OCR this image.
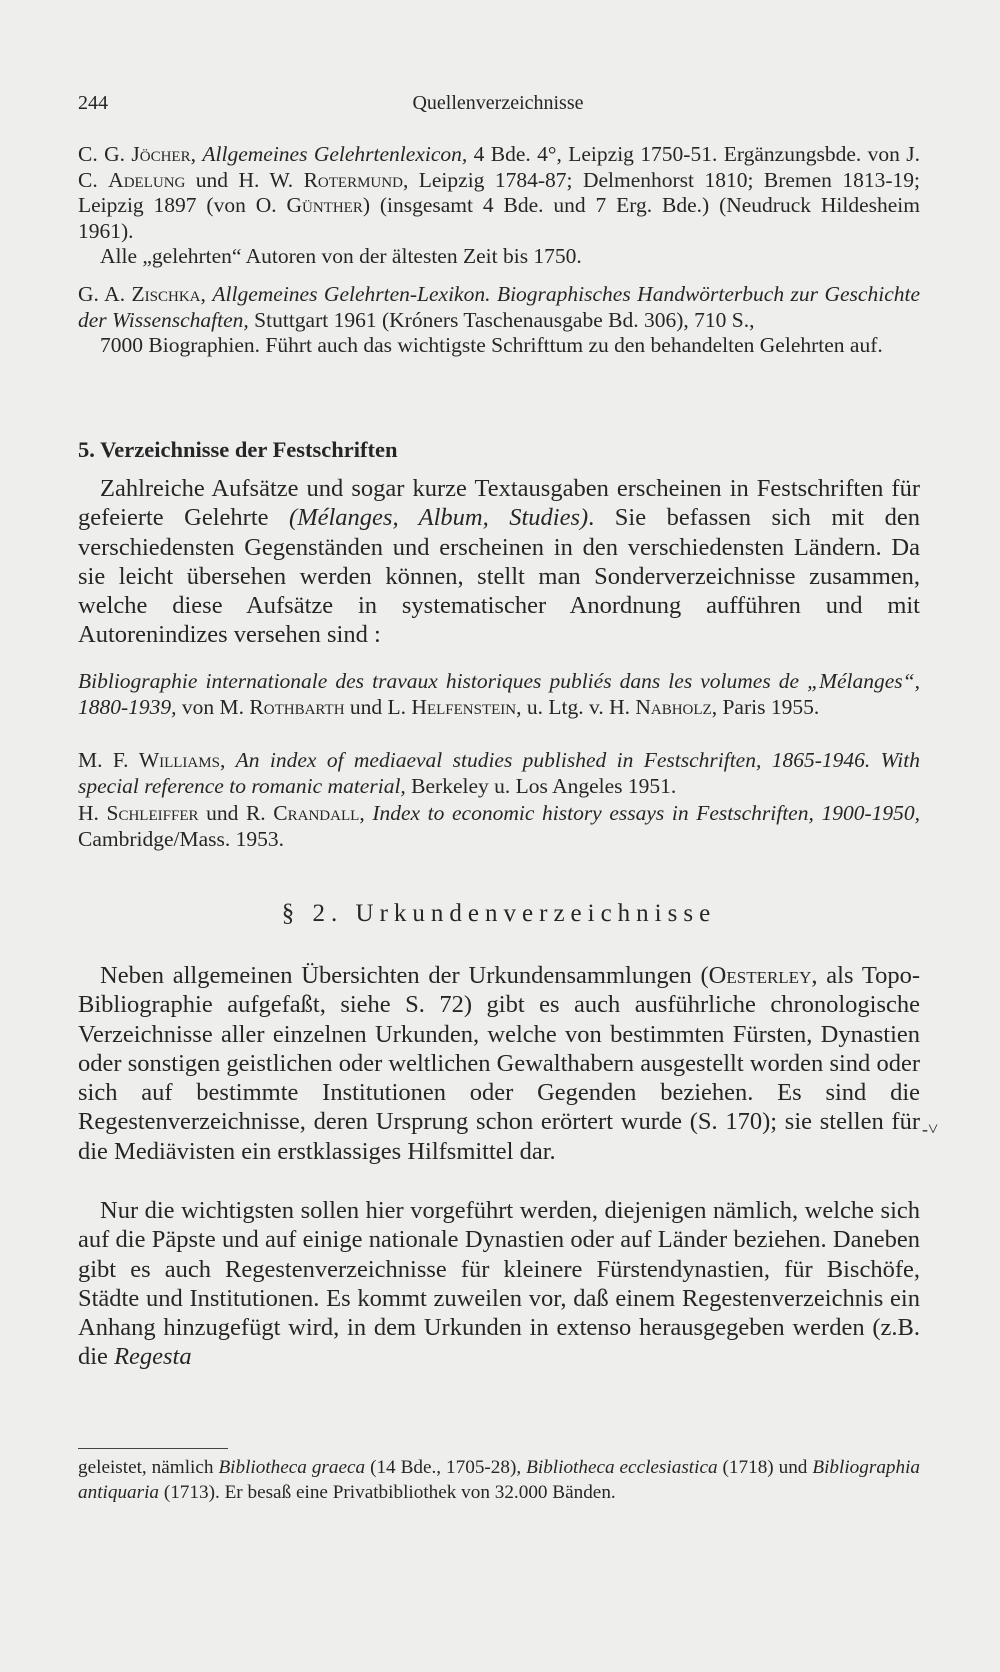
244	Quellenverzeichnisse
C. G. Jöcher, Allgemeines Gelehrtenlexicon, 4 Bde. 4°, Leipzig 1750-51. Ergänzungsbde. von J. C. Adelung und H. W. Rotermund, Leipzig 1784-87; Delmenhorst 1810; Bremen 1813-19; Leipzig 1897 (von O. Günther) (insgesamt 4 Bde. und 7 Erg. Bde.) (Neudruck Hildesheim 1961).
Alle „gelehrten“ Autoren von der ältesten Zeit bis 1750.
G. A. Zischka, Allgemeines Gelehrten-Lexikon. Biographisches Handwörterbuch zur Geschichte der Wissenschaften, Stuttgart 1961 (Króners Taschenausgabe Bd. 306), 710 S.,
7000 Biographien. Führt auch das wichtigste Schrifttum zu den behandelten Gelehrten auf.
5. Verzeichnisse der Festschriften
Zahlreiche Aufsätze und sogar kurze Textausgaben erscheinen in Festschriften für gefeierte Gelehrte (Mélanges, Album, Studies). Sie befassen sich mit den verschiedensten Gegenständen und erscheinen in den verschiedensten Ländern. Da sie leicht übersehen werden können, stellt man Sonderverzeichnisse zusammen, welche diese Aufsätze in systematischer Anordnung aufführen und mit Autorenindizes versehen sind :
Bibliographie internationale des travaux historiques publiés dans les volumes de „Mélanges“, 1880-1939, von M. Rothbarth und L. Helfenstein, u. Ltg. v. H. Nabholz, Paris 1955.
M. F. Williams, An index of mediaeval studies published in Festschriften, 1865-1946. With special reference to romanic material, Berkeley u. Los Angeles 1951.
H. Schleiffer und R. Crandall, Index to economic history essays in Festschriften, 1900-1950, Cambridge/Mass. 1953.
§ 2. Urkundenverzeichnisse
Neben allgemeinen Übersichten der Urkundensammlungen (Oesterley, als Topo-Bibliographie aufgefaßt, siehe S. 72) gibt es auch ausführliche chronologische Verzeichnisse aller einzelnen Urkunden, welche von bestimmten Fürsten, Dynastien oder sonstigen geistlichen oder weltlichen Gewalthabern ausgestellt worden sind oder sich auf bestimmte Institutionen oder Gegenden beziehen. Es sind die Regestenverzeichnisse, deren Ursprung schon erörtert wurde (S. 170); sie stellen für die Mediävisten ein erstklassiges Hilfsmittel dar.
Nur die wichtigsten sollen hier vorgeführt werden, diejenigen nämlich, welche sich auf die Päpste und auf einige nationale Dynastien oder auf Länder beziehen. Daneben gibt es auch Regestenverzeichnisse für kleinere Fürstendynastien, für Bischöfe, Städte und Institutionen. Es kommt zuweilen vor, daß einem Regestenverzeichnis ein Anhang hinzugefügt wird, in dem Urkunden in extenso herausgegeben werden (z.B. die Regesta
-˅
geleistet, nämlich Bibliotheca graeca (14 Bde., 1705-28), Bibliotheca ecclesiastica (1718) und Bibliographia antiquaria (1713). Er besaß eine Privatbibliothek von 32.000 Bänden.
